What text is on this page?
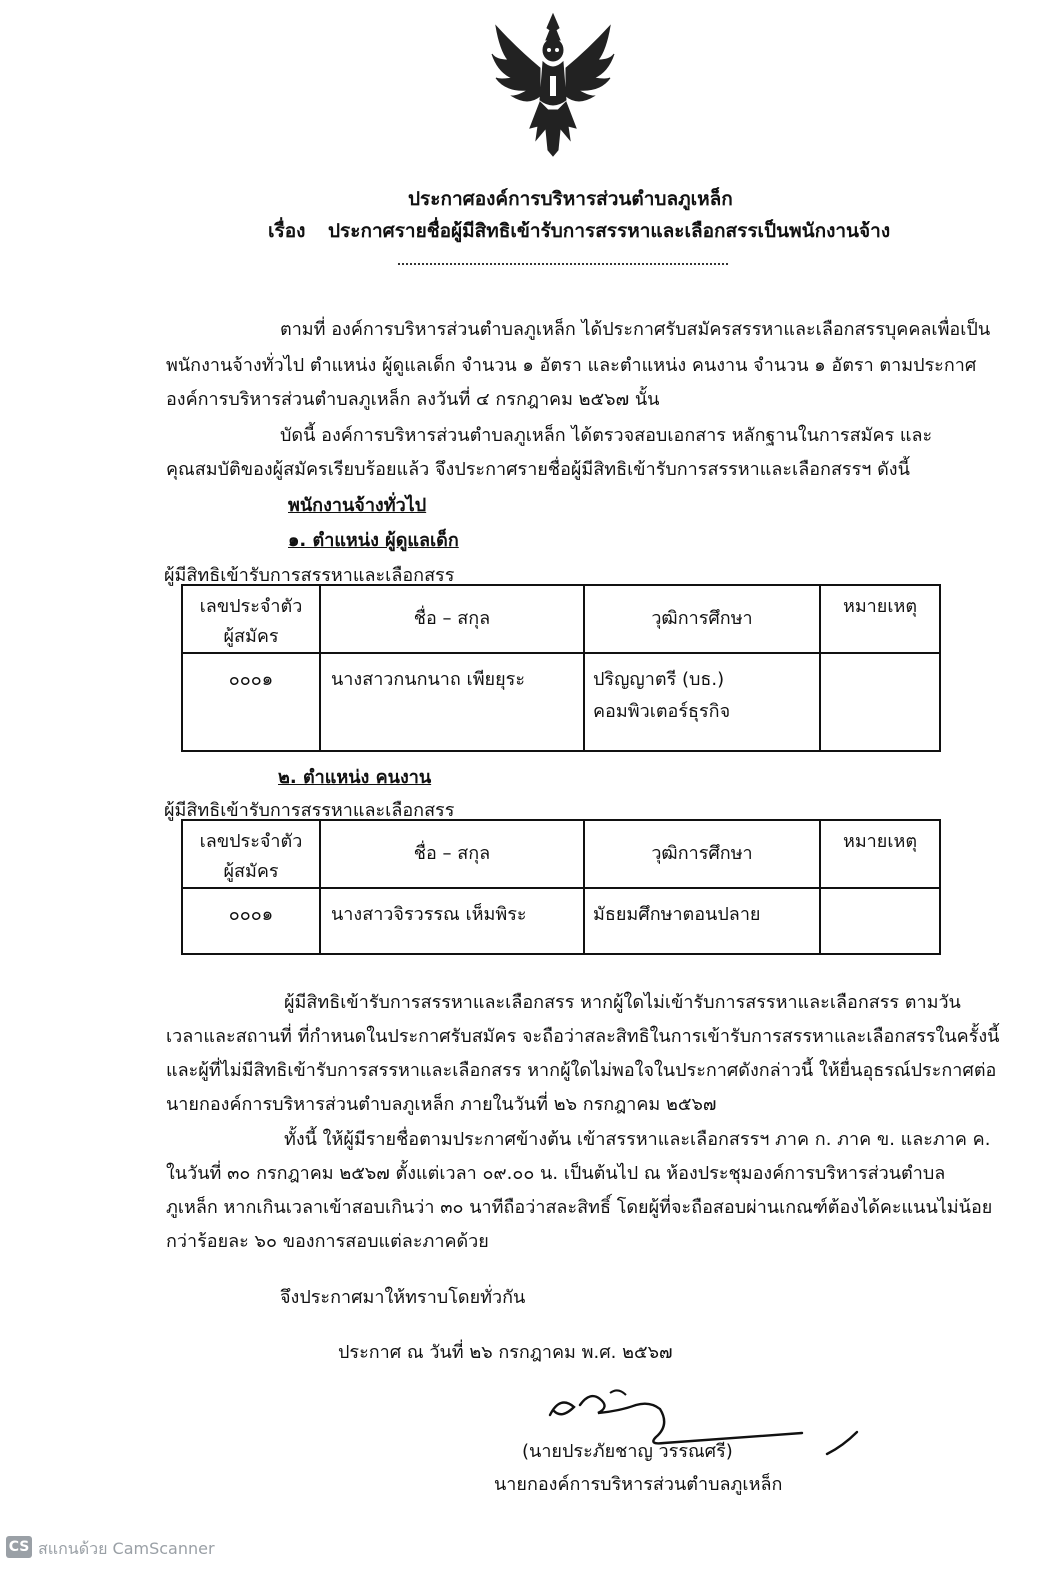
ประกาศองค์การบริหารส่วนตำบลภูเหล็ก
เรื่อง ประกาศรายชื่อผู้มีสิทธิเข้ารับการสรรหาและเลือกสรรเป็นพนักงานจ้าง
ตามที่ องค์การบริหารส่วนตำบลภูเหล็ก ได้ประกาศรับสมัครสรรหาและเลือกสรรบุคคลเพื่อเป็น
พนักงานจ้างทั่วไป ตำแหน่ง ผู้ดูแลเด็ก จำนวน ๑ อัตรา และตำแหน่ง คนงาน จำนวน ๑ อัตรา ตามประกาศ
องค์การบริหารส่วนตำบลภูเหล็ก ลงวันที่ ๔ กรกฎาคม ๒๕๖๗ นั้น
บัดนี้ องค์การบริหารส่วนตำบลภูเหล็ก ได้ตรวจสอบเอกสาร หลักฐานในการสมัคร และ
คุณสมบัติของผู้สมัครเรียบร้อยแล้ว จึงประกาศรายชื่อผู้มีสิทธิเข้ารับการสรรหาและเลือกสรรฯ ดังนี้
พนักงานจ้างทั่วไป
๑. ตำแหน่ง ผู้ดูแลเด็ก
ผู้มีสิทธิเข้ารับการสรรหาและเลือกสรร
เลขประจำตัว
ผู้สมัคร	ชื่อ – สกุล	วุฒิการศึกษา	หมายเหตุ

๐๐๐๑	นางสาวกนกนาถ เพียยุระ	ปริญญาตรี (บธ.)
คอมพิวเตอร์ธุรกิจ	

๒. ตำแหน่ง คนงาน
ผู้มีสิทธิเข้ารับการสรรหาและเลือกสรร
เลขประจำตัว
ผู้สมัคร	ชื่อ – สกุล	วุฒิการศึกษา	หมายเหตุ

๐๐๐๑	นางสาวจิรวรรณ เห็มพิระ	มัธยมศึกษาตอนปลาย	

ผู้มีสิทธิเข้ารับการสรรหาและเลือกสรร หากผู้ใดไม่เข้ารับการสรรหาและเลือกสรร ตามวัน
เวลาและสถานที่ ที่กำหนดในประกาศรับสมัคร จะถือว่าสละสิทธิในการเข้ารับการสรรหาและเลือกสรรในครั้งนี้
และผู้ที่ไม่มีสิทธิเข้ารับการสรรหาและเลือกสรร หากผู้ใดไม่พอใจในประกาศดังกล่าวนี้ ให้ยื่นอุธรณ์ประกาศต่อ
นายกองค์การบริหารส่วนตำบลภูเหล็ก ภายในวันที่ ๒๖ กรกฎาคม ๒๕๖๗
ทั้งนี้ ให้ผู้มีรายชื่อตามประกาศข้างต้น เข้าสรรหาและเลือกสรรฯ ภาค ก. ภาค ข. และภาค ค.
ในวันที่ ๓๐ กรกฎาคม ๒๕๖๗ ตั้งแต่เวลา ๐๙.๐๐ น. เป็นต้นไป ณ ห้องประชุมองค์การบริหารส่วนตำบล
ภูเหล็ก หากเกินเวลาเข้าสอบเกินว่า ๓๐ นาทีถือว่าสละสิทธิ์ โดยผู้ที่จะถือสอบผ่านเกณฑ์ต้องได้คะแนนไม่น้อย
กว่าร้อยละ ๖๐ ของการสอบแต่ละภาคด้วย
จึงประกาศมาให้ทราบโดยทั่วกัน
ประกาศ ณ วันที่ ๒๖ กรกฎาคม พ.ศ. ๒๕๖๗
(นายประภัยชาญ วรรณศรี)
นายกองค์การบริหารส่วนตำบลภูเหล็ก
CS สแกนด้วย CamScanner
